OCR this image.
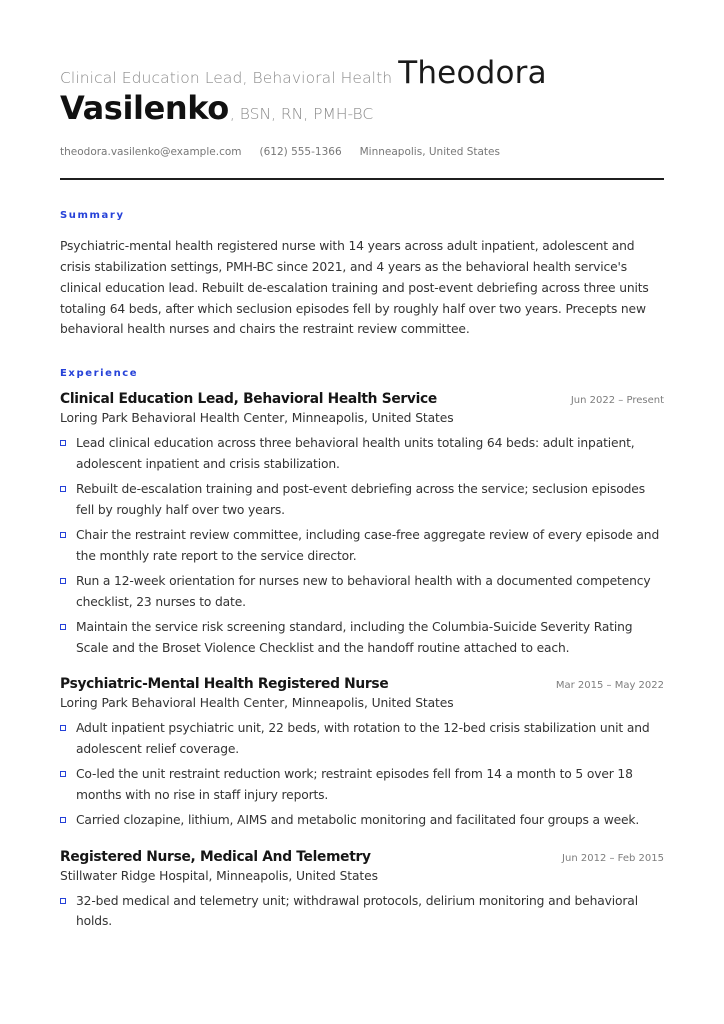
Clinical Education Lead, Behavioral Health Theodora
Vasilenko, BSN, RN, PMH-BC
theodora.vasilenko@example.com (612) 555-1366 Minneapolis, United States
Summary
Psychiatric-mental health registered nurse with 14 years across adult inpatient, adolescent and crisis stabilization settings, PMH-BC since 2021, and 4 years as the behavioral health service's clinical education lead. Rebuilt de-escalation training and post-event debriefing across three units totaling 64 beds, after which seclusion episodes fell by roughly half over two years. Precepts new behavioral health nurses and chairs the restraint review committee.
Experience
Clinical Education Lead, Behavioral Health Service	Jun 2022 – Present
Loring Park Behavioral Health Center, Minneapolis, United States
Lead clinical education across three behavioral health units totaling 64 beds: adult inpatient, adolescent inpatient and crisis stabilization.
Rebuilt de-escalation training and post-event debriefing across the service; seclusion episodes fell by roughly half over two years.
Chair the restraint review committee, including case-free aggregate review of every episode and the monthly rate report to the service director.
Run a 12-week orientation for nurses new to behavioral health with a documented competency checklist, 23 nurses to date.
Maintain the service risk screening standard, including the Columbia-Suicide Severity Rating Scale and the Broset Violence Checklist and the handoff routine attached to each.
Psychiatric-Mental Health Registered Nurse	Mar 2015 – May 2022
Loring Park Behavioral Health Center, Minneapolis, United States
Adult inpatient psychiatric unit, 22 beds, with rotation to the 12-bed crisis stabilization unit and adolescent relief coverage.
Co-led the unit restraint reduction work; restraint episodes fell from 14 a month to 5 over 18 months with no rise in staff injury reports.
Carried clozapine, lithium, AIMS and metabolic monitoring and facilitated four groups a week.
Registered Nurse, Medical And Telemetry	Jun 2012 – Feb 2015
Stillwater Ridge Hospital, Minneapolis, United States
32-bed medical and telemetry unit; withdrawal protocols, delirium monitoring and behavioral holds.
